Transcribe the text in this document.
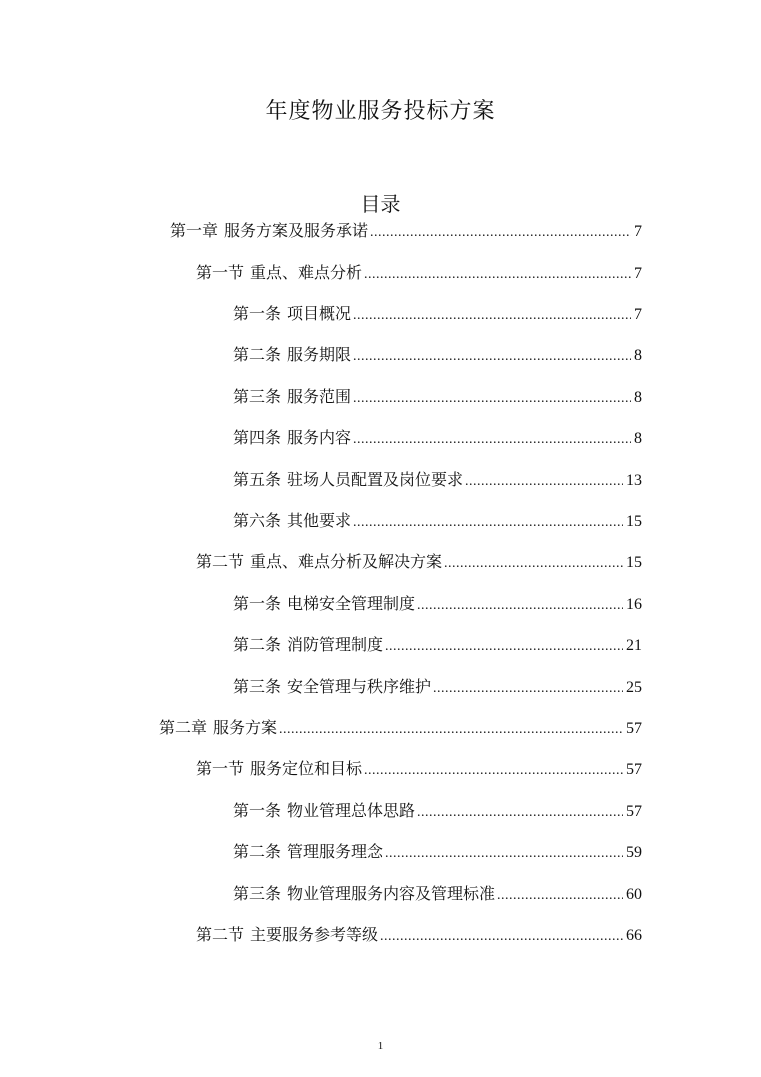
年度物业服务投标方案
目录
第一章 服务方案及服务承诺 .....	7
第一节 重点、难点分析 .....	7
第一条 项目概况 .....	7
第二条 服务期限 .....	8
第三条 服务范围 .....	8
第四条 服务内容 .....	8
第五条 驻场人员配置及岗位要求 .....	13
第六条 其他要求 .....	15
第二节 重点、难点分析及解决方案 .....	15
第一条 电梯安全管理制度 .....	16
第二条 消防管理制度 .....	21
第三条 安全管理与秩序维护 .....	25
第二章 服务方案 .....	57
第一节 服务定位和目标 .....	57
第一条 物业管理总体思路 .....	57
第二条 管理服务理念 .....	59
第三条 物业管理服务内容及管理标准 .....	60
第二节 主要服务参考等级 .....	66
1
